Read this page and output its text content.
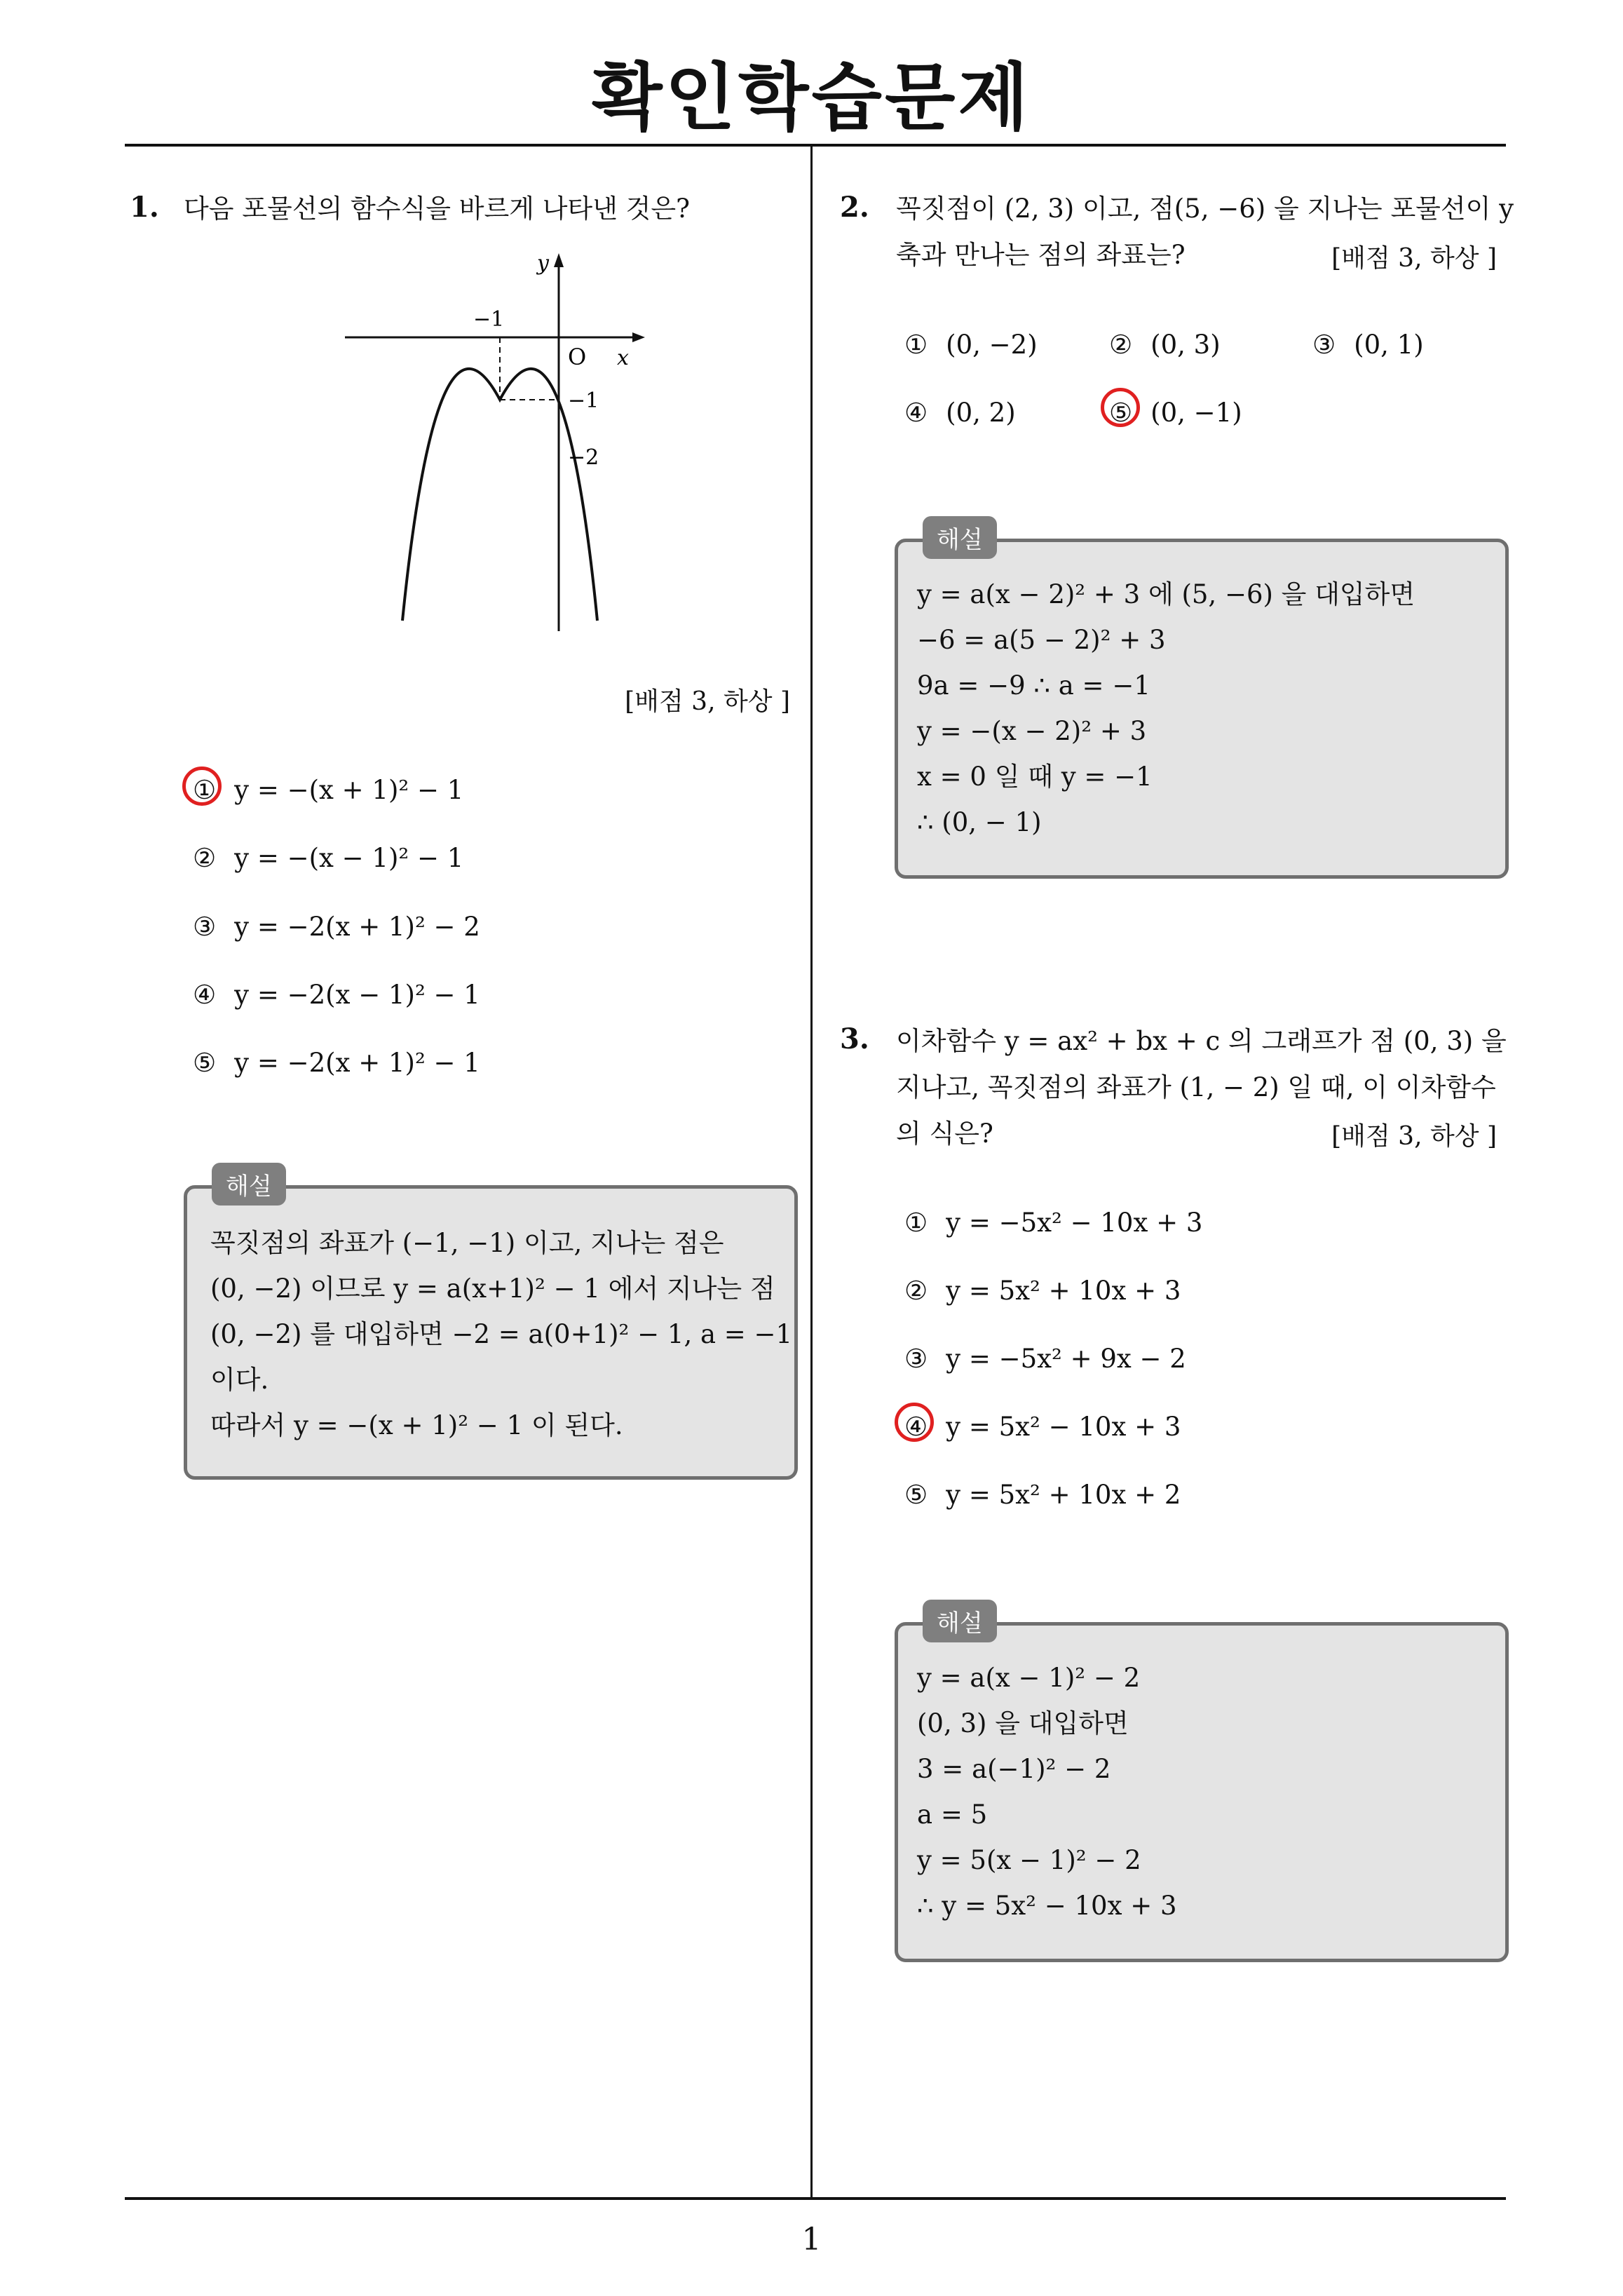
확인학습문제
1. 다음 포물선의 함수식을 바르게 나타낸 것은?
y
−1
O x
−1
−2
[배점 3, 하상 ]
① y = −(x + 1)² − 1
② y = −(x − 1)² − 1
③ y = −2(x + 1)² − 2
④ y = −2(x − 1)² − 1
⑤ y = −2(x + 1)² − 1
해설
꼭짓점의 좌표가 (−1, −1) 이고, 지나는 점은
(0, −2) 이므로 y = a(x+1)² − 1 에서 지나는 점
(0, −2) 를 대입하면 −2 = a(0+1)² − 1, a = −1
이다.
따라서 y = −(x + 1)² − 1 이 된다.
2. 꼭짓점이 (2, 3) 이고, 점(5, −6) 을 지나는 포물선이 y
축과 만나는 점의 좌표는?	[배점 3, 하상 ]
① (0, −2)	② (0, 3)	③ (0, 1)
④ (0, 2)	⑤ (0, −1)
해설
y = a(x − 2)² + 3 에 (5, −6) 을 대입하면
−6 = a(5 − 2)² + 3
9a = −9 ∴ a = −1
y = −(x − 2)² + 3
x = 0 일 때 y = −1
∴ (0, − 1)
3. 이차함수 y = ax² + bx + c 의 그래프가 점 (0, 3) 을
지나고, 꼭짓점의 좌표가 (1, − 2) 일 때, 이 이차함수
의 식은?	[배점 3, 하상 ]
① y = −5x² − 10x + 3
② y = 5x² + 10x + 3
③ y = −5x² + 9x − 2
④ y = 5x² − 10x + 3
⑤ y = 5x² + 10x + 2
해설
y = a(x − 1)² − 2
(0, 3) 을 대입하면
3 = a(−1)² − 2
a = 5
y = 5(x − 1)² − 2
∴ y = 5x² − 10x + 3
1
